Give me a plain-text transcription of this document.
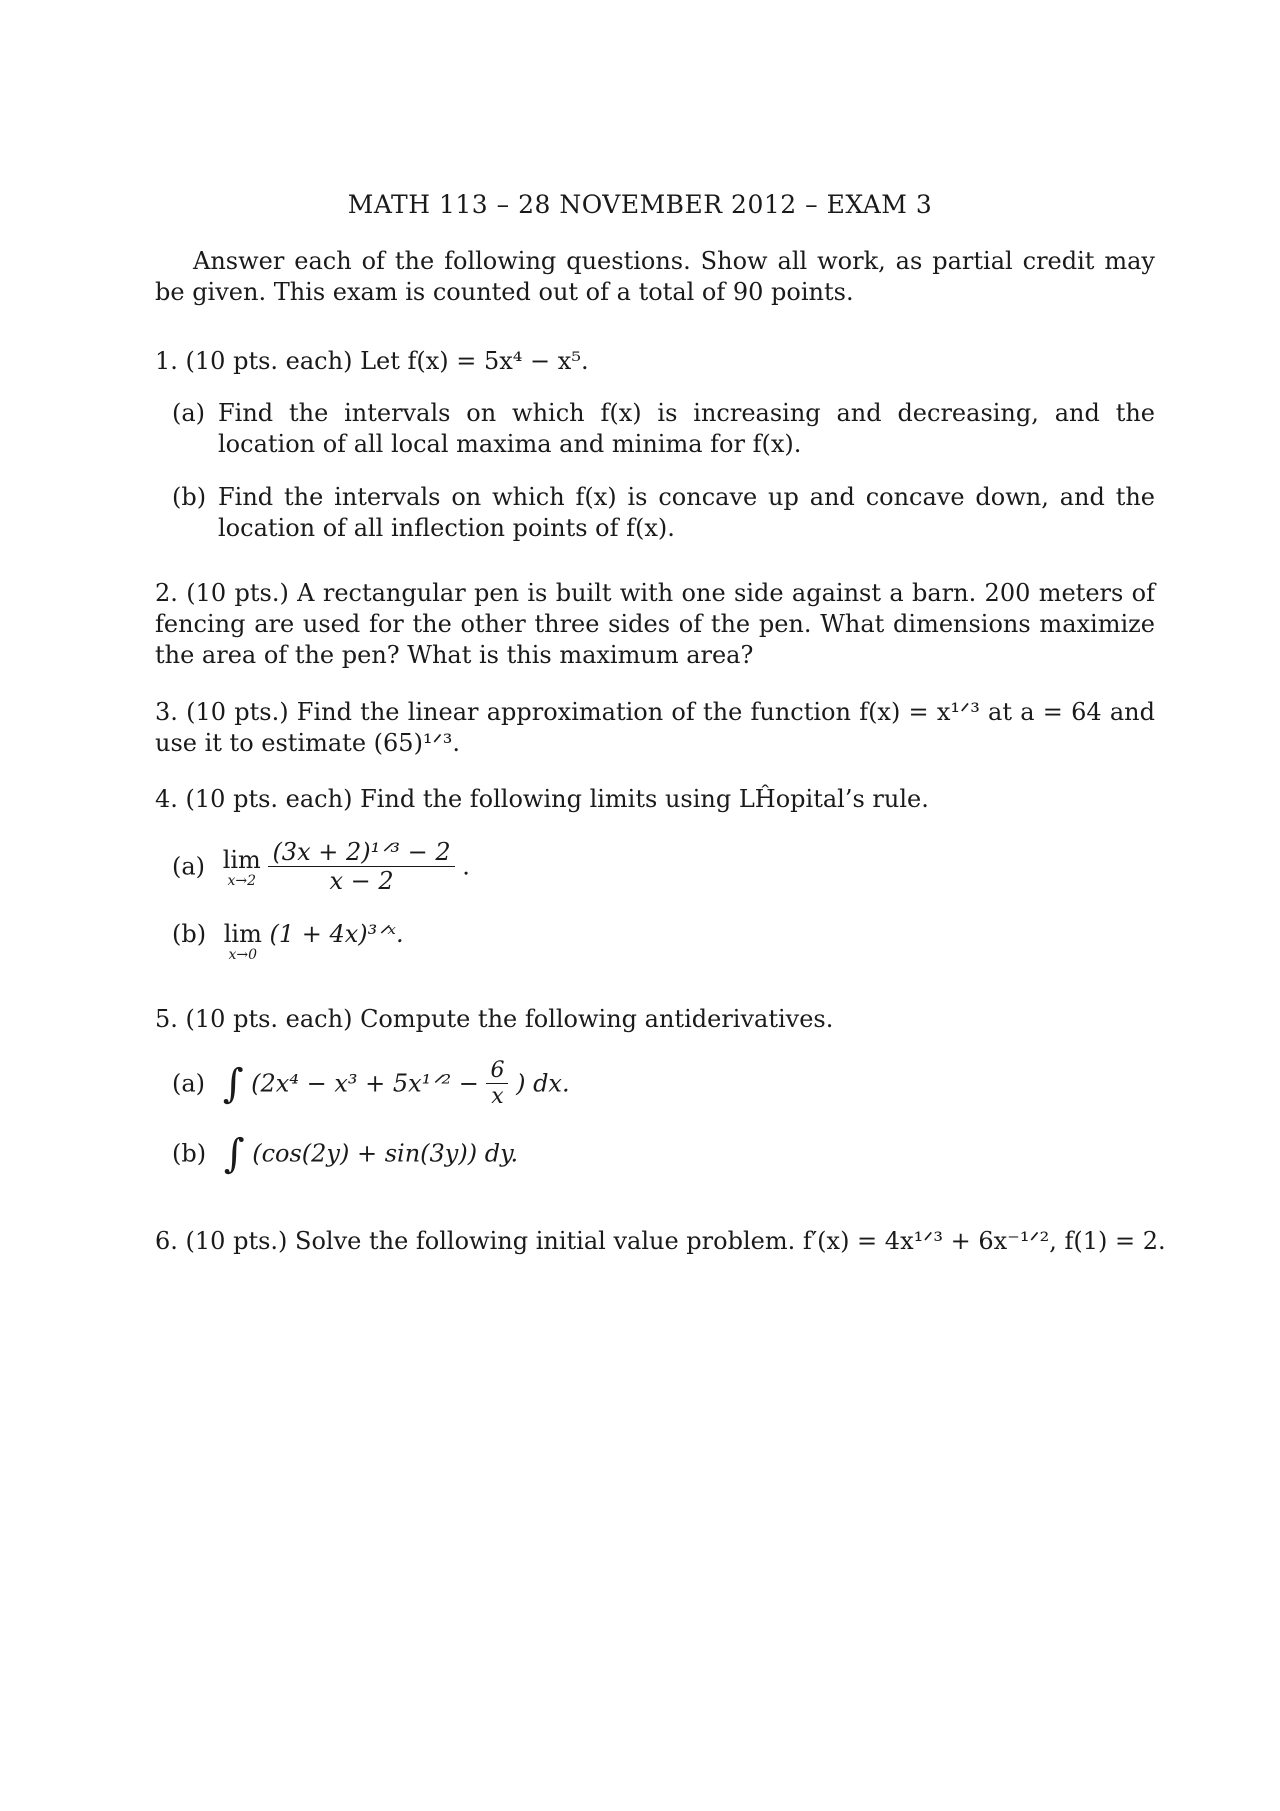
MATH 113 – 28 NOVEMBER 2012 – EXAM 3
Answer each of the following questions. Show all work, as partial credit may be given. This exam is counted out of a total of 90 points.
1. (10 pts. each) Let f(x) = 5x⁴ − x⁵.
(a) Find the intervals on which f(x) is increasing and decreasing, and the location of all local maxima and minima for f(x).
(b) Find the intervals on which f(x) is concave up and concave down, and the location of all inflection points of f(x).
2. (10 pts.) A rectangular pen is built with one side against a barn. 200 meters of fencing are used for the other three sides of the pen. What dimensions maximize the area of the pen? What is this maximum area?
3. (10 pts.) Find the linear approximation of the function f(x) = x¹ᐟ³ at a = 64 and use it to estimate (65)¹ᐟ³.
4. (10 pts. each) Find the following limits using LĤopital’s rule.
(a) lim
x→2
$\frac{\text{(3x + 2)¹ᐟ³ − 2}}{x - 2}$ .
(b) lim
x→0
(1 + 4x)³ᐟˣ.
5. (10 pts. each) Compute the following antiderivatives.
(a) ∫ (2x⁴ − x³ + 5x¹ᐟ² − $\frac{6}{x}$ ) dx.
(b) ∫ (cos(2y) + sin(3y)) dy.
6. (10 pts.) Solve the following initial value problem. f′(x) = 4x¹ᐟ³ + 6x⁻¹ᐟ², f(1) = 2.
